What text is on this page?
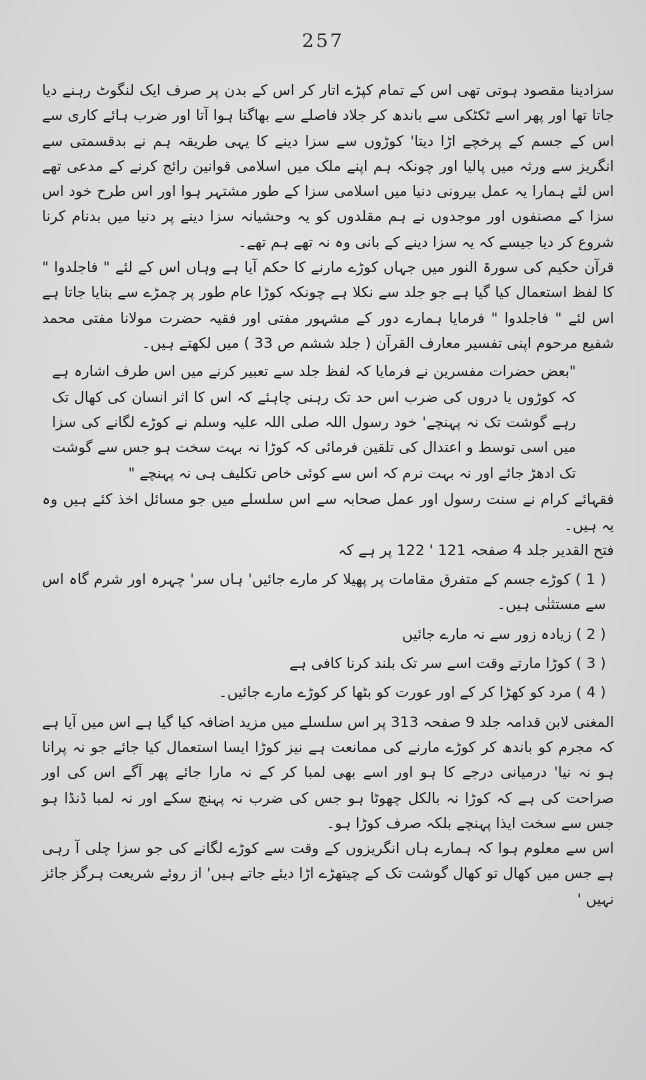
257

سزادینا مقصود ہوتی تھی اس کے تمام کپڑے اتار کر اس کے بدن پر صرف ایک لنگوٹ رہنے دیا جاتا تھا اور پھر اسے ٹکٹکی سے باندھ کر جلاد فاصلے سے بھاگتا ہوا آتا اور ضرب ہائے کاری سے اس کے جسم کے پرخچے اڑا دیتا' کوڑوں سے سزا دینے کا یہی طریقہ ہم نے بدقسمتی سے انگریز سے ورثہ میں پالیا اور چونکہ ہم اپنے ملک میں اسلامی قوانین رائج کرنے کے مدعی تھے اس لئے ہمارا یہ عمل بیرونی دنیا میں اسلامی سزا کے طور مشتہر ہوا اور اس طرح خود اس سزا کے مصنفوں اور موجدوں نے ہم مقلدوں کو یہ وحشیانہ سزا دینے پر دنیا میں بدنام کرنا شروع کر دیا جیسے کہ یہ سزا دینے کے بانی وہ نہ تھے ہم تھے۔

قرآن حکیم کی سورۃ النور میں جہاں کوڑے مارنے کا حکم آیا ہے وہاں اس کے لئے " فاجلدوا " کا لفظ استعمال کیا گیا ہے جو جلد سے نکلا ہے چونکہ کوڑا عام طور پر چمڑے سے بنایا جاتا ہے اس لئے " فاجلدوا " فرمایا ہمارے دور کے مشہور مفتی اور فقیہ حضرت مولانا مفتی محمد شفیع مرحوم اپنی تفسیر معارف القرآن ( جلد ششم ص 33 ) میں لکھتے ہیں۔

"بعض حضرات مفسرین نے فرمایا کہ لفظ جلد سے تعبیر کرنے میں اس طرف اشارہ ہے کہ کوڑوں یا دروں کی ضرب اس حد تک رہنی چاہئے کہ اس کا اثر انسان کی کھال تک رہے گوشت تک نہ پہنچے' خود رسول اللہ صلی اللہ علیہ وسلم نے کوڑے لگانے کی سزا میں اسی توسط و اعتدال کی تلقین فرمائی کہ کوڑا نہ بہت سخت ہو جس سے گوشت تک ادھڑ جائے اور نہ بہت نرم کہ اس سے کوئی خاص تکلیف ہی نہ پہنچے "

فقہائے کرام نے سنت رسول اور عمل صحابہ سے اس سلسلے میں جو مسائل اخذ کئے ہیں وہ یہ ہیں۔

فتح القدیر جلد 4 صفحہ 121 ' 122 پر ہے کہ

( 1 ) کوڑے جسم کے متفرق مقامات پر پھیلا کر مارے جائیں' ہاں سر' چہرہ اور شرم گاہ اس سے مستثنٰی ہیں۔

( 2 ) زیادہ زور سے نہ مارے جائیں

( 3 ) کوڑا مارتے وقت اسے سر تک بلند کرنا کافی ہے

( 4 ) مرد کو کھڑا کر کے اور عورت کو بٹھا کر کوڑے مارے جائیں۔

المغنی لابن قدامہ جلد 9 صفحہ 313 پر اس سلسلے میں مزید اضافہ کیا گیا ہے اس میں آیا ہے کہ مجرم کو باندھ کر کوڑے مارنے کی ممانعت ہے نیز کوڑا ایسا استعمال کیا جائے جو نہ پرانا ہو نہ نیا' درمیانی درجے کا ہو اور اسے بھی لمبا کر کے نہ مارا جائے پھر آگے اس کی اور صراحت کی ہے کہ کوڑا نہ بالکل چھوٹا ہو جس کی ضرب نہ پہنچ سکے اور نہ لمبا ڈنڈا ہو جس سے سخت ایذا پہنچے بلکہ صرف کوڑا ہو۔

اس سے معلوم ہوا کہ ہمارے ہاں انگریزوں کے وقت سے کوڑے لگانے کی جو سزا چلی آ رہی ہے جس میں کھال تو کھال گوشت تک کے چیتھڑے اڑا دیئے جاتے ہیں' از روئے شریعت ہرگز جائز نہیں '
